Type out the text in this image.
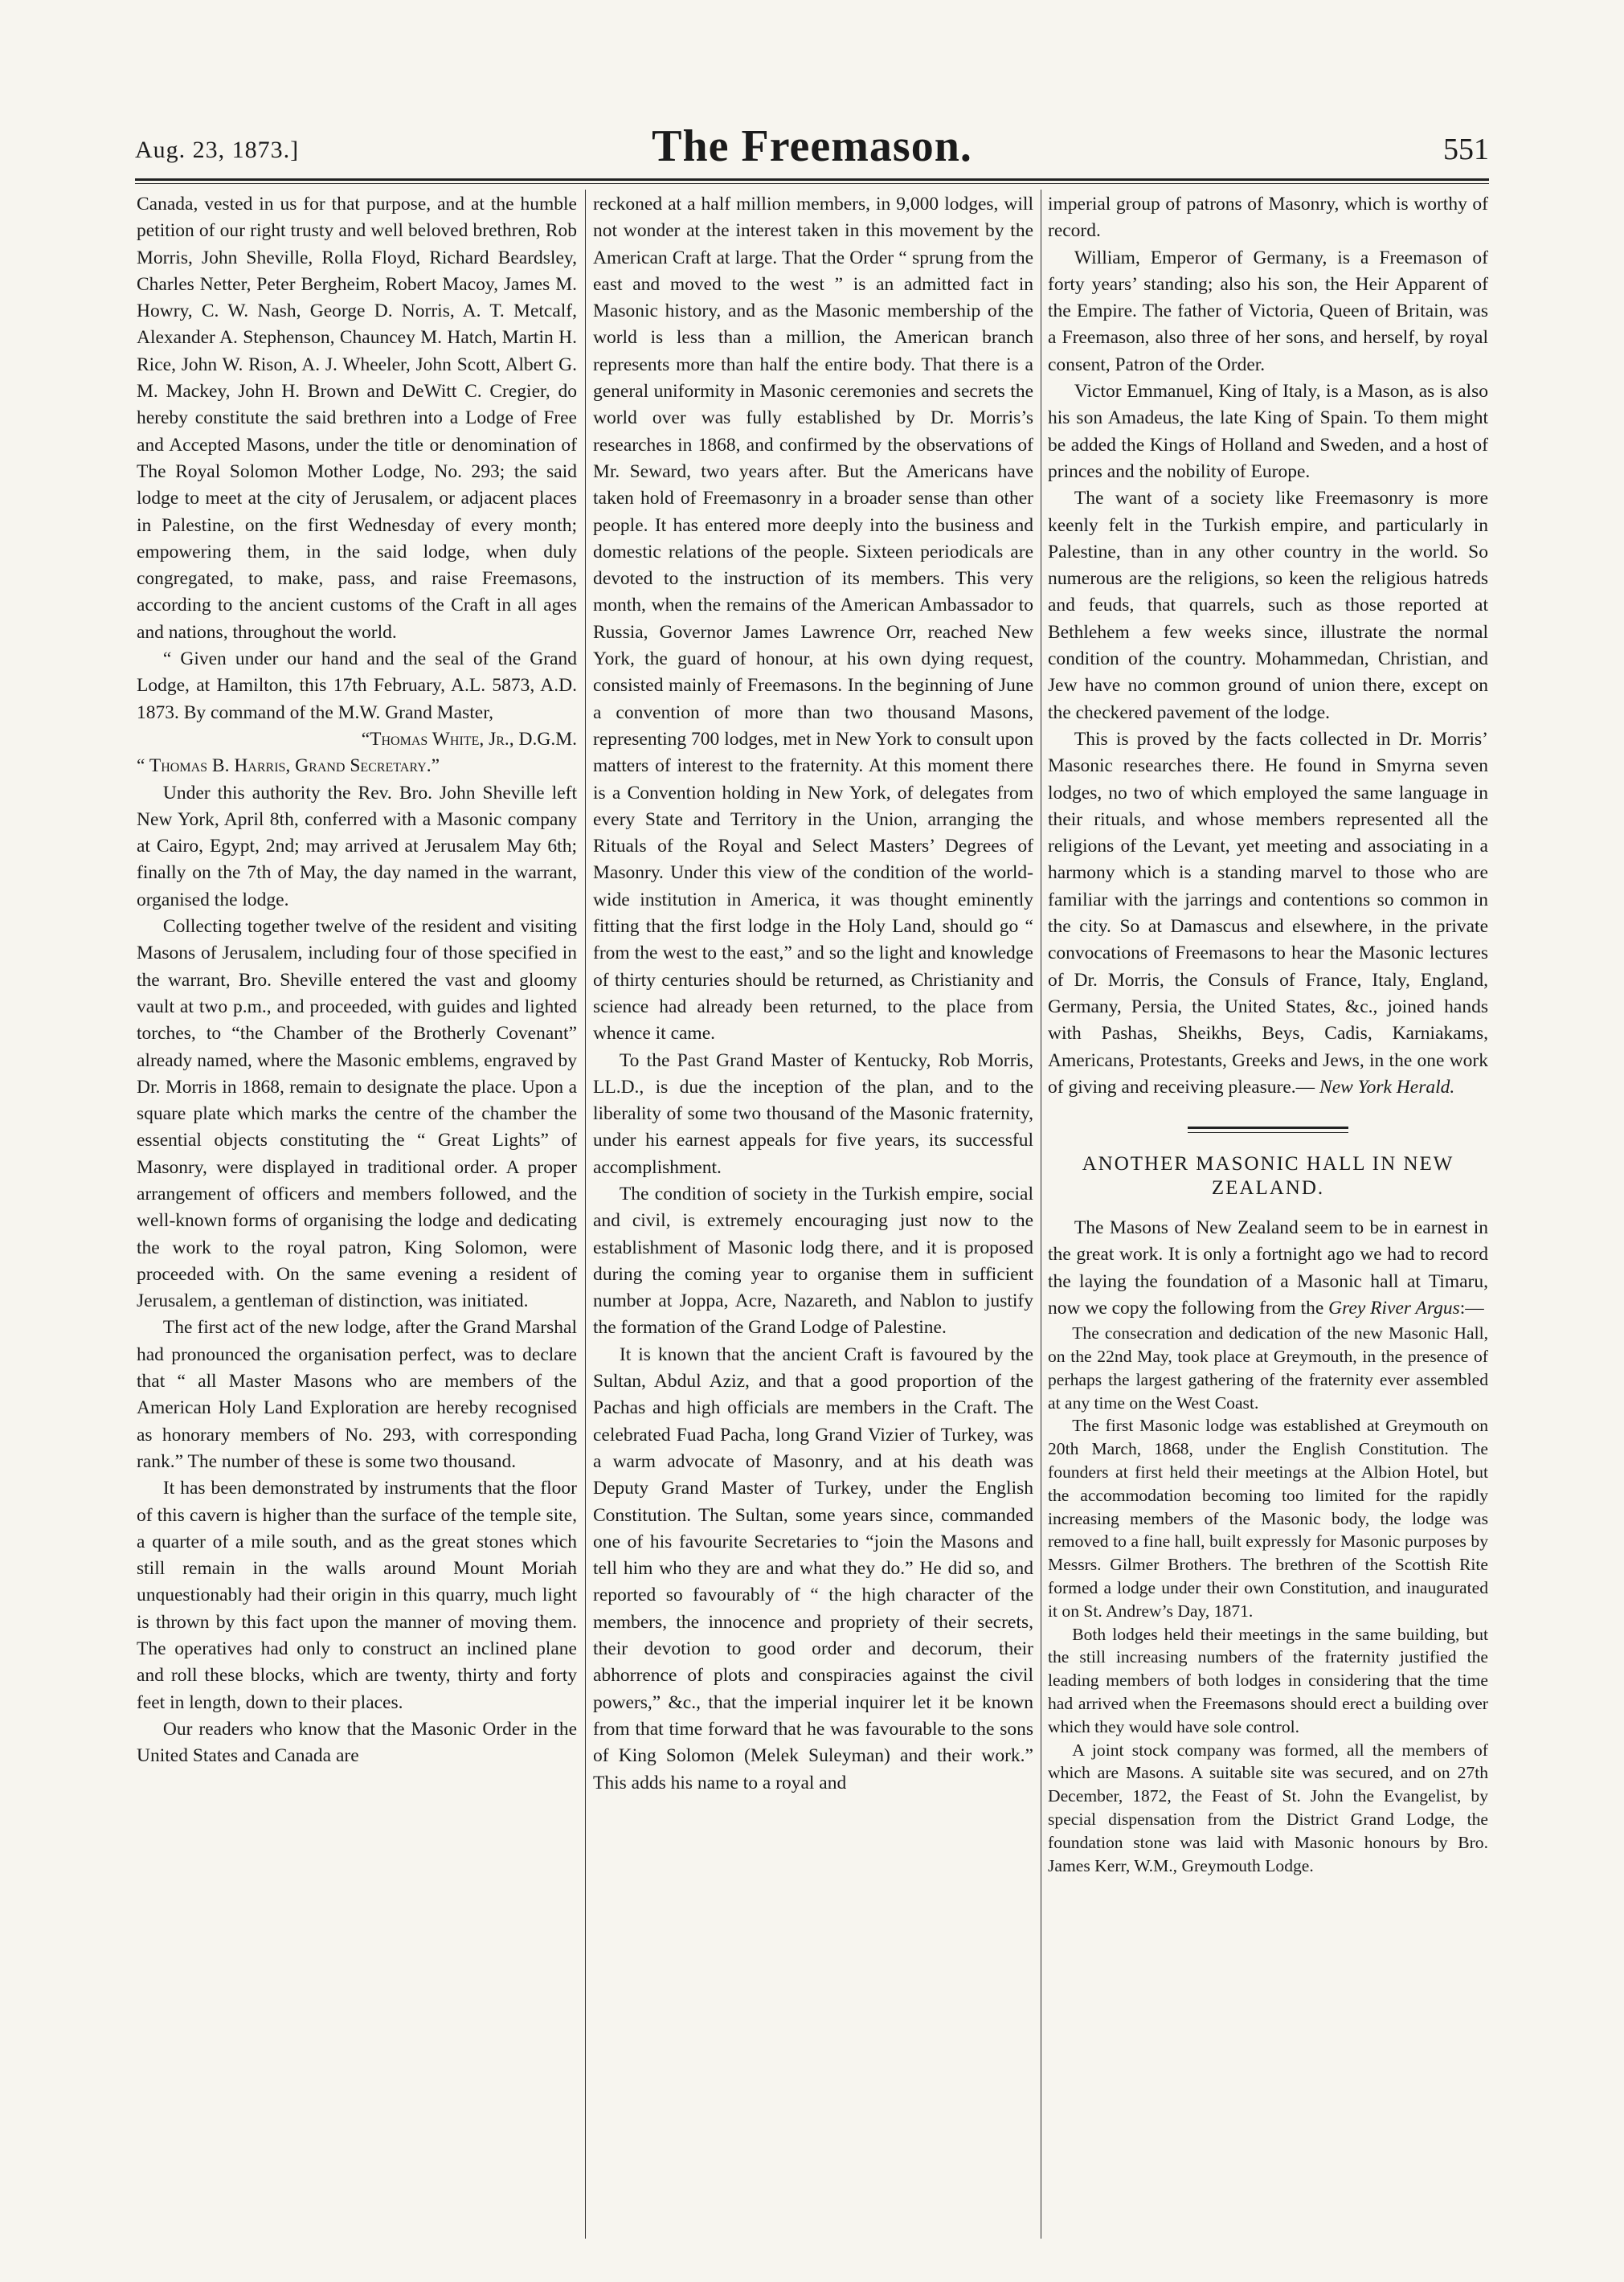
Aug. 23, 1873.]	The Freemason.	551

Canada, vested in us for that purpose, and at the humble petition of our right trusty and well beloved brethren, Rob Morris, John Sheville, Rolla Floyd, Richard Beardsley, Charles Netter, Peter Bergheim, Robert Macoy, James M. Howry, C. W. Nash, George D. Norris, A. T. Metcalf, Alexander A. Stephenson, Chauncey M. Hatch, Martin H. Rice, John W. Rison, A. J. Wheeler, John Scott, Albert G. M. Mackey, John H. Brown and DeWitt C. Cregier, do hereby constitute the said brethren into a Lodge of Free and Accepted Masons, under the title or denomination of The Royal Solomon Mother Lodge, No. 293; the said lodge to meet at the city of Jerusalem, or adjacent places in Palestine, on the first Wednesday of every month; empowering them, in the said lodge, when duly congregated, to make, pass, and raise Freemasons, according to the ancient customs of the Craft in all ages and nations, throughout the world.

“ Given under our hand and the seal of the Grand Lodge, at Hamilton, this 17th February, A.L. 5873, A.D. 1873. By command of the M.W. Grand Master,

“Thomas White, Jr., D.G.M.

“ Thomas B. Harris, Grand Secretary.”

Under this authority the Rev. Bro. John Sheville left New York, April 8th, conferred with a Masonic company at Cairo, Egypt, 2nd; may arrived at Jerusalem May 6th; finally on the 7th of May, the day named in the warrant, organised the lodge.

Collecting together twelve of the resident and visiting Masons of Jerusalem, including four of those specified in the warrant, Bro. Sheville entered the vast and gloomy vault at two p.m., and proceeded, with guides and lighted torches, to “the Chamber of the Brotherly Covenant” already named, where the Masonic emblems, engraved by Dr. Morris in 1868, remain to designate the place. Upon a square plate which marks the centre of the chamber the essential objects constituting the “ Great Lights” of Masonry, were displayed in traditional order. A proper arrangement of officers and members followed, and the well-known forms of organising the lodge and dedicating the work to the royal patron, King Solomon, were proceeded with. On the same evening a resident of Jerusalem, a gentleman of distinction, was initiated.

The first act of the new lodge, after the Grand Marshal had pronounced the organisation perfect, was to declare that “ all Master Masons who are members of the American Holy Land Exploration are hereby recognised as honorary members of No. 293, with corresponding rank.” The number of these is some two thousand.

It has been demonstrated by instruments that the floor of this cavern is higher than the surface of the temple site, a quarter of a mile south, and as the great stones which still remain in the walls around Mount Moriah unquestionably had their origin in this quarry, much light is thrown by this fact upon the manner of moving them. The operatives had only to construct an inclined plane and roll these blocks, which are twenty, thirty and forty feet in length, down to their places.

Our readers who know that the Masonic Order in the United States and Canada are

reckoned at a half million members, in 9,000 lodges, will not wonder at the interest taken in this movement by the American Craft at large. That the Order “ sprung from the east and moved to the west ” is an admitted fact in Masonic history, and as the Masonic membership of the world is less than a million, the American branch represents more than half the entire body. That there is a general uniformity in Masonic ceremonies and secrets the world over was fully established by Dr. Morris’s researches in 1868, and confirmed by the observations of Mr. Seward, two years after. But the Americans have taken hold of Freemasonry in a broader sense than other people. It has entered more deeply into the business and domestic relations of the people. Sixteen periodicals are devoted to the instruction of its members. This very month, when the remains of the American Ambassador to Russia, Governor James Lawrence Orr, reached New York, the guard of honour, at his own dying request, consisted mainly of Freemasons. In the beginning of June a convention of more than two thousand Masons, representing 700 lodges, met in New York to consult upon matters of interest to the fraternity. At this moment there is a Convention holding in New York, of delegates from every State and Territory in the Union, arranging the Rituals of the Royal and Select Masters’ Degrees of Masonry. Under this view of the condition of the world-wide institution in America, it was thought eminently fitting that the first lodge in the Holy Land, should go “ from the west to the east,” and so the light and knowledge of thirty centuries should be returned, as Christianity and science had already been returned, to the place from whence it came.

To the Past Grand Master of Kentucky, Rob Morris, LL.D., is due the inception of the plan, and to the liberality of some two thousand of the Masonic fraternity, under his earnest appeals for five years, its successful accomplishment.

The condition of society in the Turkish empire, social and civil, is extremely encouraging just now to the establishment of Masonic lodg there, and it is proposed during the coming year to organise them in sufficient number at Joppa, Acre, Nazareth, and Nablon to justify the formation of the Grand Lodge of Palestine.

It is known that the ancient Craft is favoured by the Sultan, Abdul Aziz, and that a good proportion of the Pachas and high officials are members in the Craft. The celebrated Fuad Pacha, long Grand Vizier of Turkey, was a warm advocate of Masonry, and at his death was Deputy Grand Master of Turkey, under the English Constitution. The Sultan, some years since, commanded one of his favourite Secretaries to “join the Masons and tell him who they are and what they do.” He did so, and reported so favourably of “ the high character of the members, the innocence and propriety of their secrets, their devotion to good order and decorum, their abhorrence of plots and conspiracies against the civil powers,” &c., that the imperial inquirer let it be known from that time forward that he was favourable to the sons of King Solomon (Melek Suleyman) and their work.” This adds his name to a royal and

imperial group of patrons of Masonry, which is worthy of record.

William, Emperor of Germany, is a Freemason of forty years’ standing; also his son, the Heir Apparent of the Empire. The father of Victoria, Queen of Britain, was a Freemason, also three of her sons, and herself, by royal consent, Patron of the Order.

Victor Emmanuel, King of Italy, is a Mason, as is also his son Amadeus, the late King of Spain. To them might be added the Kings of Holland and Sweden, and a host of princes and the nobility of Europe.

The want of a society like Freemasonry is more keenly felt in the Turkish empire, and particularly in Palestine, than in any other country in the world. So numerous are the religions, so keen the religious hatreds and feuds, that quarrels, such as those reported at Bethlehem a few weeks since, illustrate the normal condition of the country. Mohammedan, Christian, and Jew have no common ground of union there, except on the checkered pavement of the lodge.

This is proved by the facts collected in Dr. Morris’ Masonic researches there. He found in Smyrna seven lodges, no two of which employed the same language in their rituals, and whose members represented all the religions of the Levant, yet meeting and associating in a harmony which is a standing marvel to those who are familiar with the jarrings and contentions so common in the city. So at Damascus and elsewhere, in the private convocations of Freemasons to hear the Masonic lectures of Dr. Morris, the Consuls of France, Italy, England, Germany, Persia, the United States, &c., joined hands with Pashas, Sheikhs, Beys, Cadis, Karniakams, Americans, Protestants, Greeks and Jews, in the one work of giving and receiving pleasure.— New York Herald.

ANOTHER MASONIC HALL IN NEW ZEALAND.

The Masons of New Zealand seem to be in earnest in the great work. It is only a fortnight ago we had to record the laying the foundation of a Masonic hall at Timaru, now we copy the following from the Grey River Argus:—

The consecration and dedication of the new Masonic Hall, on the 22nd May, took place at Greymouth, in the presence of perhaps the largest gathering of the fraternity ever assembled at any time on the West Coast.

The first Masonic lodge was established at Greymouth on 20th March, 1868, under the English Constitution. The founders at first held their meetings at the Albion Hotel, but the accommodation becoming too limited for the rapidly increasing members of the Masonic body, the lodge was removed to a fine hall, built expressly for Masonic purposes by Messrs. Gilmer Brothers. The brethren of the Scottish Rite formed a lodge under their own Constitution, and inaugurated it on St. Andrew’s Day, 1871.

Both lodges held their meetings in the same building, but the still increasing numbers of the fraternity justified the leading members of both lodges in considering that the time had arrived when the Freemasons should erect a building over which they would have sole control.

A joint stock company was formed, all the members of which are Masons. A suitable site was secured, and on 27th December, 1872, the Feast of St. John the Evangelist, by special dispensation from the District Grand Lodge, the foundation stone was laid with Masonic honours by Bro. James Kerr, W.M., Greymouth Lodge.
